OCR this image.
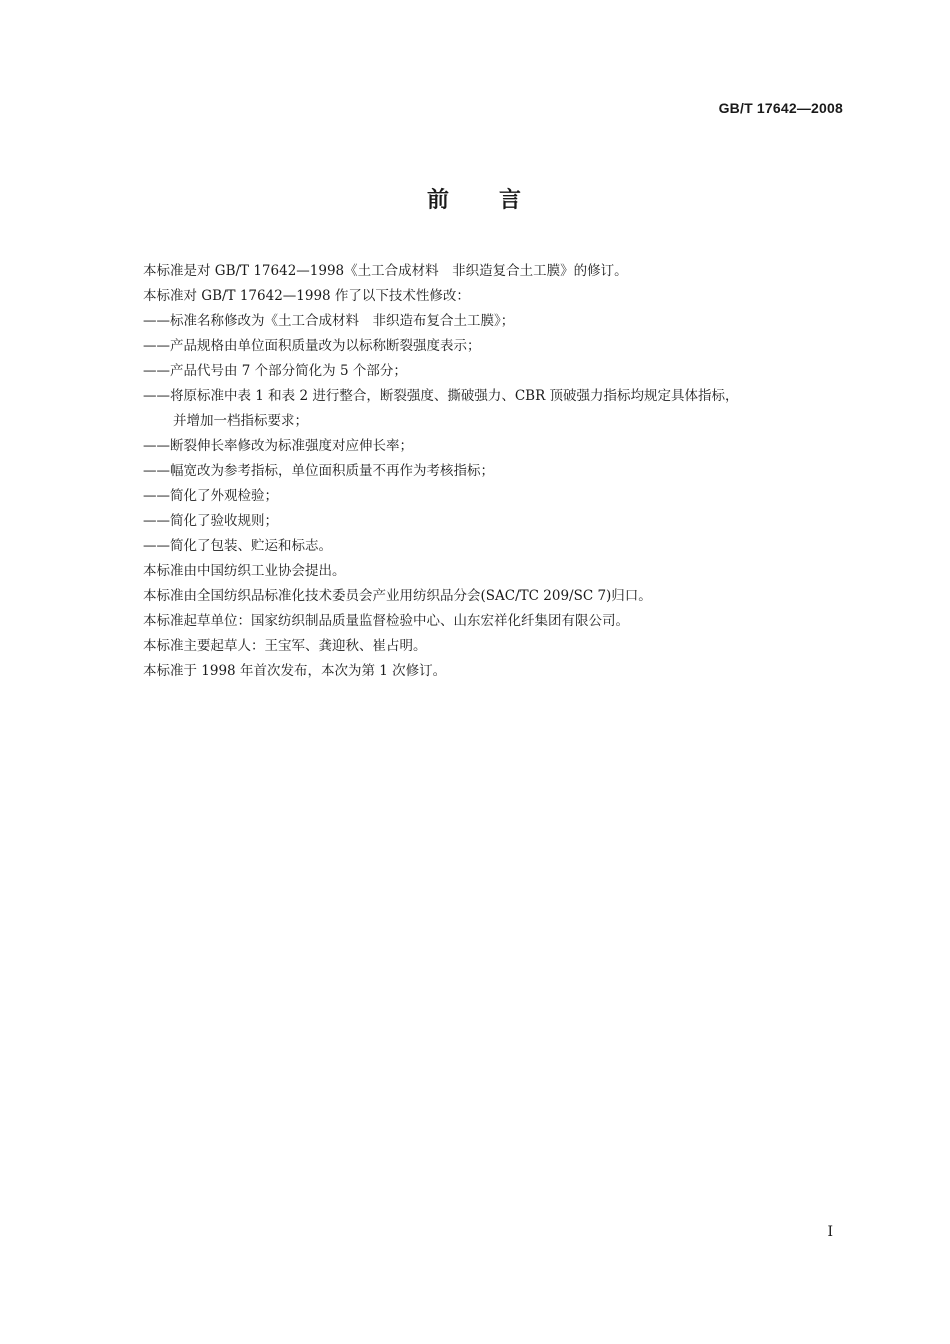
GB/T 17642—2008
前 言
本标准是对 GB/T 17642—1998《土工合成材料　非织造复合土工膜》的修订。
本标准对 GB/T 17642—1998 作了以下技术性修改：
——标准名称修改为《土工合成材料　非织造布复合土工膜》；
——产品规格由单位面积质量改为以标称断裂强度表示；
——产品代号由 7 个部分简化为 5 个部分；
——将原标准中表 1 和表 2 进行整合，断裂强度、撕破强力、CBR 顶破强力指标均规定具体指标，
并增加一档指标要求；
——断裂伸长率修改为标准强度对应伸长率；
——幅宽改为参考指标，单位面积质量不再作为考核指标；
——简化了外观检验；
——简化了验收规则；
——简化了包装、贮运和标志。
本标准由中国纺织工业协会提出。
本标准由全国纺织品标准化技术委员会产业用纺织品分会(SAC/TC 209/SC 7)归口。
本标准起草单位：国家纺织制品质量监督检验中心、山东宏祥化纤集团有限公司。
本标准主要起草人：王宝军、龚迎秋、崔占明。
本标准于 1998 年首次发布，本次为第 1 次修订。
I
